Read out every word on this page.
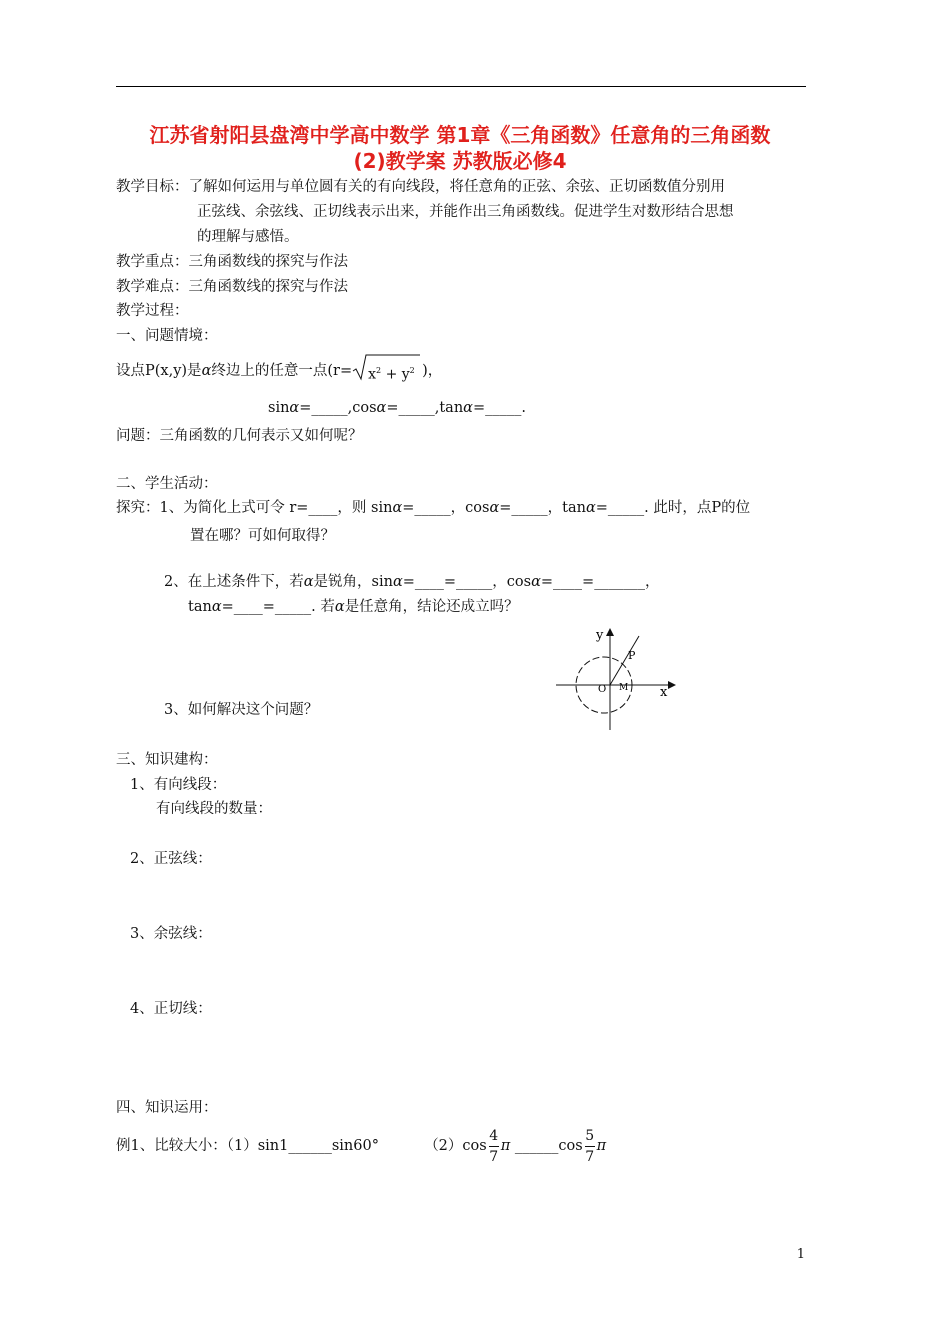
江苏省射阳县盘湾中学高中数学 第1章《三角函数》任意角的三角函数
(2)教学案 苏教版必修4
教学目标：了解如何运用与单位圆有关的有向线段，将任意角的正弦、余弦、正切函数值分别用
正弦线、余弦线、正切线表示出来，并能作出三角函数线。促进学生对数形结合思想
的理解与感悟。
教学重点：三角函数线的探究与作法
教学难点：三角函数线的探究与作法
教学过程：
一、问题情境：
设点P(x,y)是α终边上的任意一点($r= x^2 + y^2$ )，
sinα=_____,cosα=_____,tanα=_____.
问题：三角函数的几何表示又如何呢？
二、学生活动：
探究：1、为简化上式可令 r=____，则 sinα=_____，cosα=_____，tanα=_____. 此时，点P的位
置在哪？可如何取得？
2、在上述条件下，若α是锐角，sinα=____=_____，cosα=____=_______，
tanα=____=_____. 若α是任意角，结论还成立吗？
y
x
P
O M
3、如何解决这个问题？
三、知识建构：
1、有向线段：
有向线段的数量：
2、正弦线：
3、余弦线：
4、正切线：
四、知识运用：
例1、比较大小：（1）sin1______sin60°	$(2)\cos \frac{4}{7}$ π ______cos $\frac{5}{7}$ π
1
